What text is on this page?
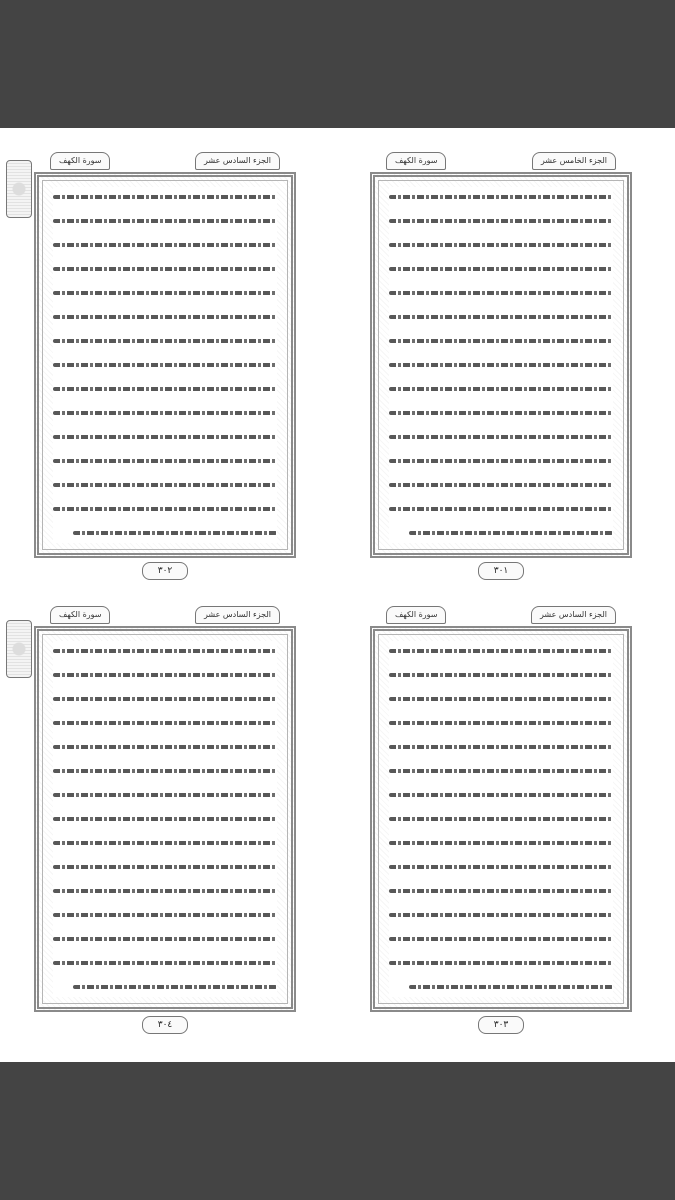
سورة الكهف	الجزء السادس عشر
٣٠٢
سورة الكهف	الجزء الخامس عشر
٣٠١
سورة الكهف	الجزء السادس عشر
٣٠٤
سورة الكهف	الجزء السادس عشر
٣٠٣
